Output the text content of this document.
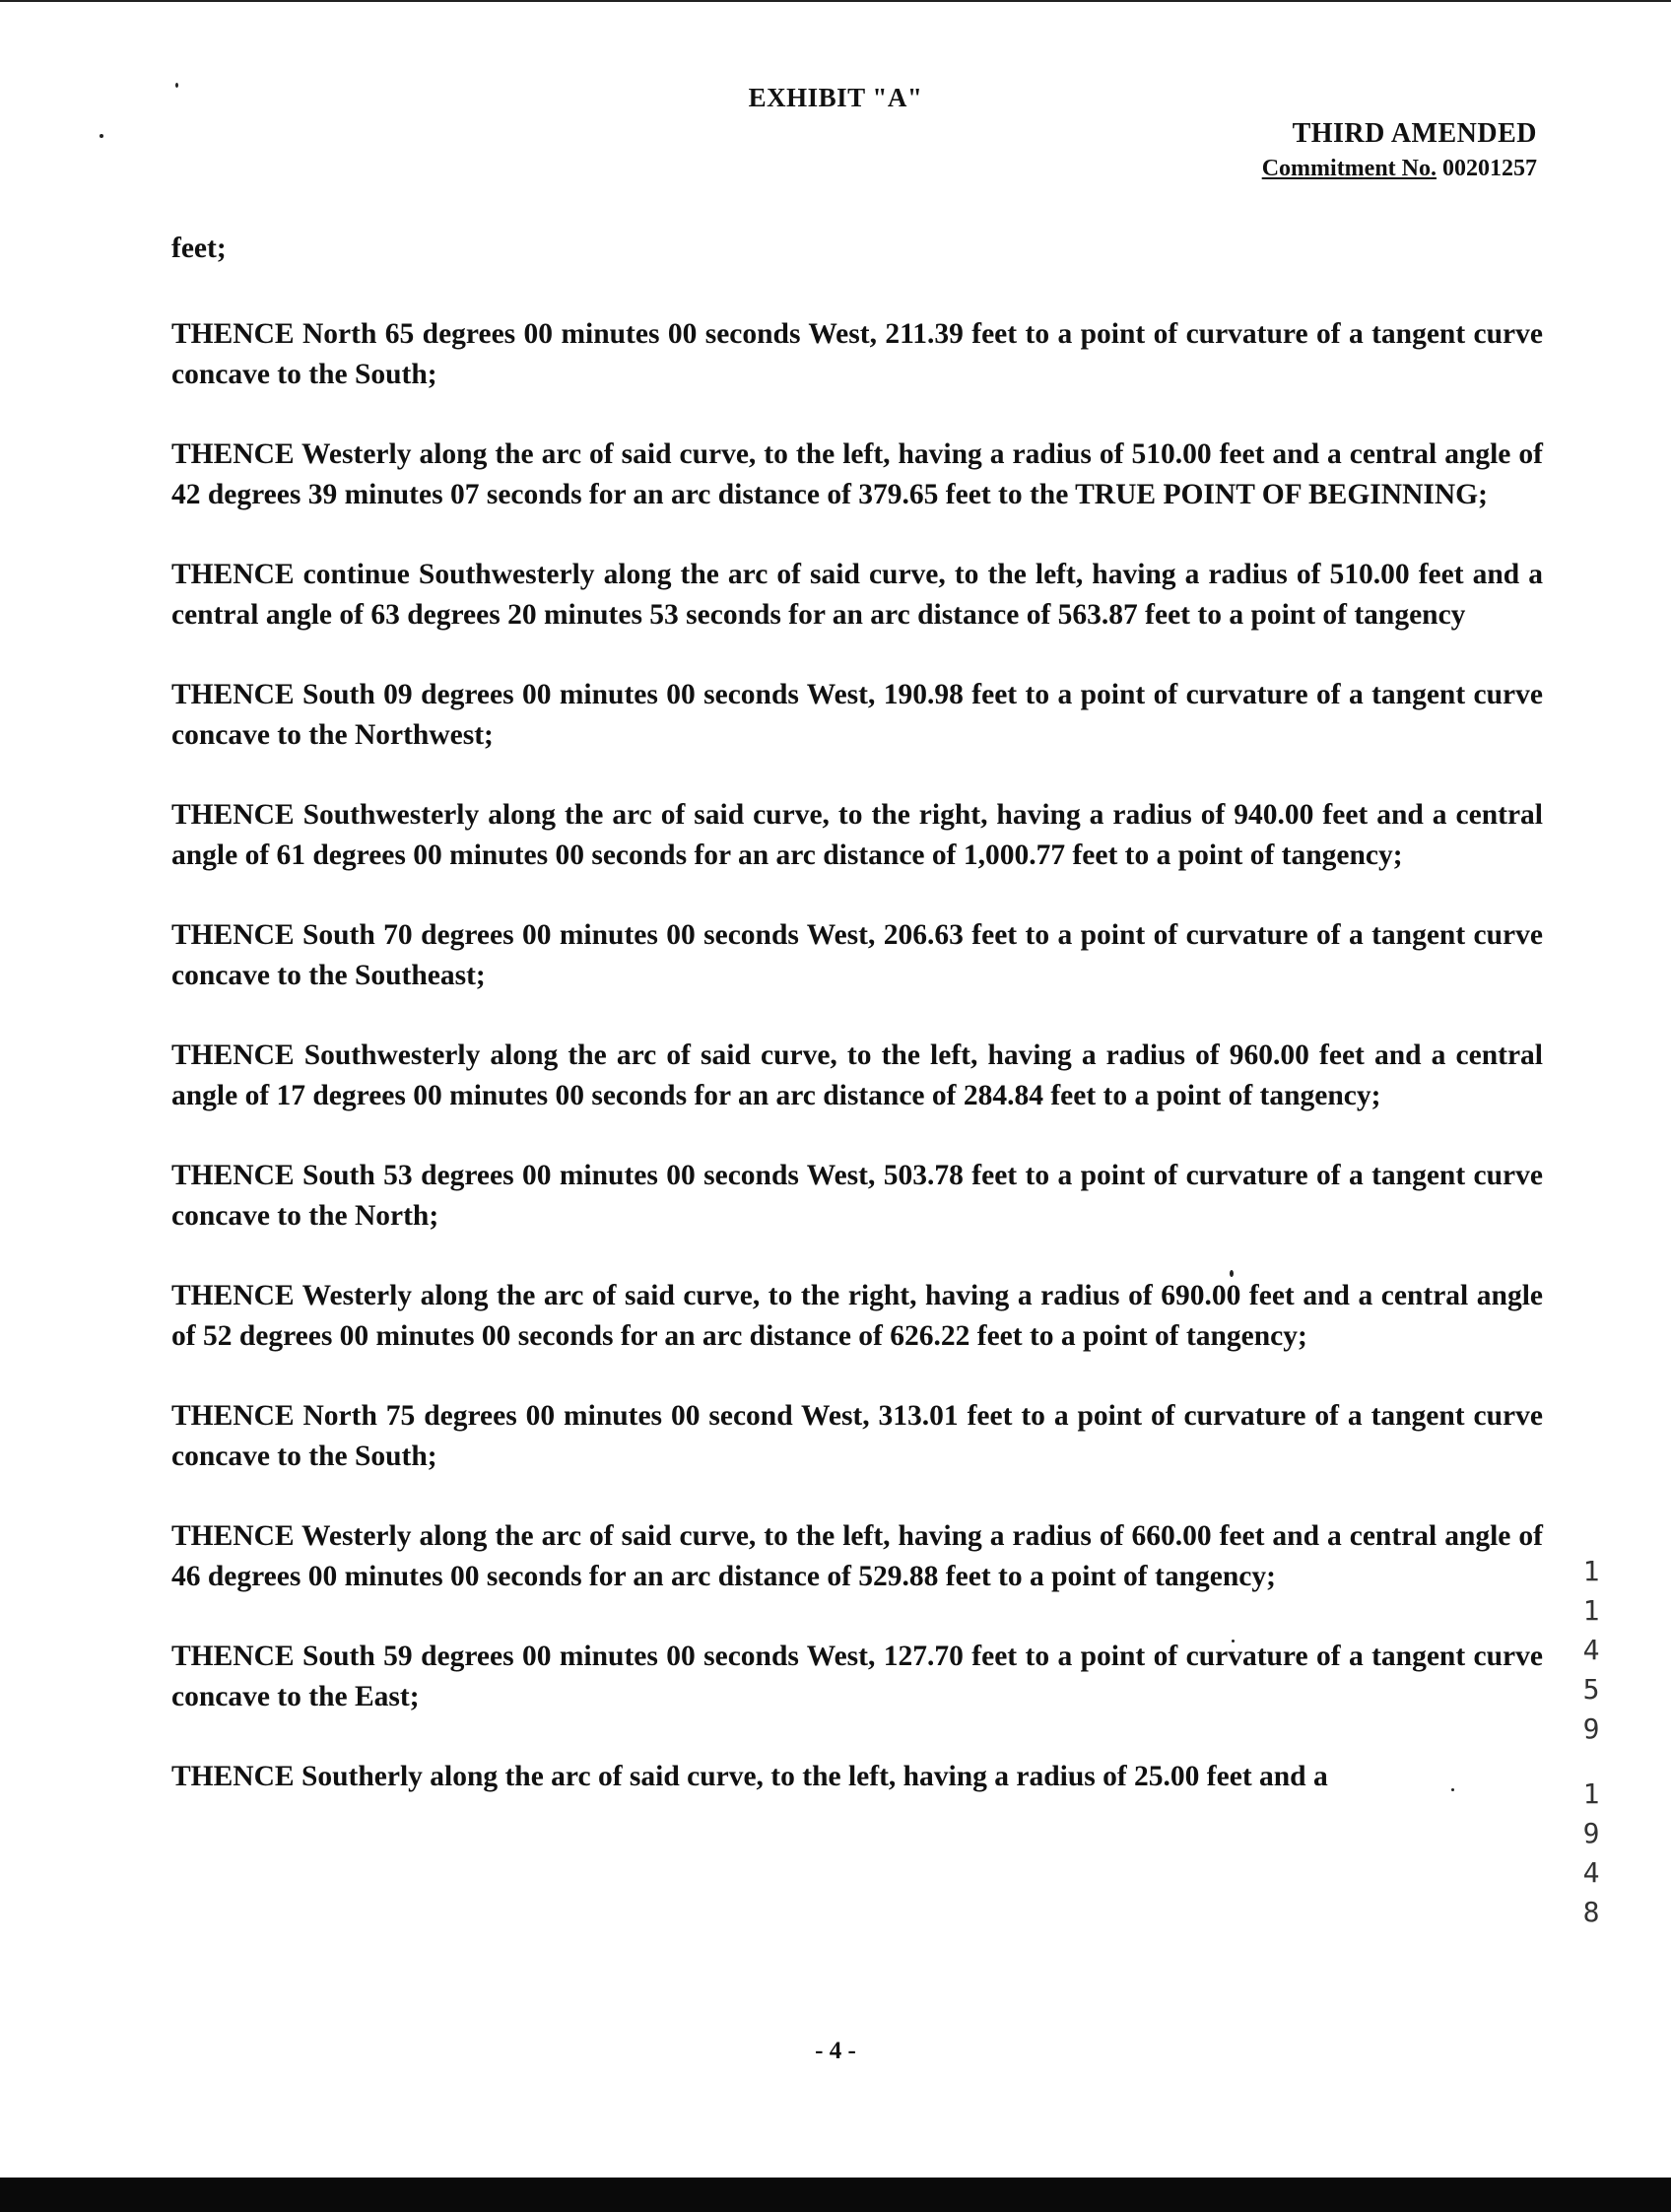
EXHIBIT "A"
THIRD AMENDED
Commitment No. 00201257

feet;

THENCE North 65 degrees 00 minutes 00 seconds West, 211.39 feet to a point of curvature of a tangent curve concave to the South;

THENCE Westerly along the arc of said curve, to the left, having a radius of 510.00 feet and a central angle of 42 degrees 39 minutes 07 seconds for an arc distance of 379.65 feet to the TRUE POINT OF BEGINNING;

THENCE continue Southwesterly along the arc of said curve, to the left, having a radius of 510.00 feet and a central angle of 63 degrees 20 minutes 53 seconds for an arc distance of 563.87 feet to a point of tangency

THENCE South 09 degrees 00 minutes 00 seconds West, 190.98 feet to a point of curvature of a tangent curve concave to the Northwest;

THENCE Southwesterly along the arc of said curve, to the right, having a radius of 940.00 feet and a central angle of 61 degrees 00 minutes 00 seconds for an arc distance of 1,000.77 feet to a point of tangency;

THENCE South 70 degrees 00 minutes 00 seconds West, 206.63 feet to a point of curvature of a tangent curve concave to the Southeast;

THENCE Southwesterly along the arc of said curve, to the left, having a radius of 960.00 feet and a central angle of 17 degrees 00 minutes 00 seconds for an arc distance of 284.84 feet to a point of tangency;

THENCE South 53 degrees 00 minutes 00 seconds West, 503.78 feet to a point of curvature of a tangent curve concave to the North;

THENCE Westerly along the arc of said curve, to the right, having a radius of 690.00 feet and a central angle of 52 degrees 00 minutes 00 seconds for an arc distance of 626.22 feet to a point of tangency;

THENCE North 75 degrees 00 minutes 00 second West, 313.01 feet to a point of curvature of a tangent curve concave to the South;

THENCE Westerly along the arc of said curve, to the left, having a radius of 660.00 feet and a central angle of 46 degrees 00 minutes 00 seconds for an arc distance of 529.88 feet to a point of tangency;

THENCE South 59 degrees 00 minutes 00 seconds West, 127.70 feet to a point of curvature of a tangent curve concave to the East;

THENCE Southerly along the arc of said curve, to the left, having a radius of 25.00 feet and a

1
1
4
5
9
1
9
4
8
- 4 -
